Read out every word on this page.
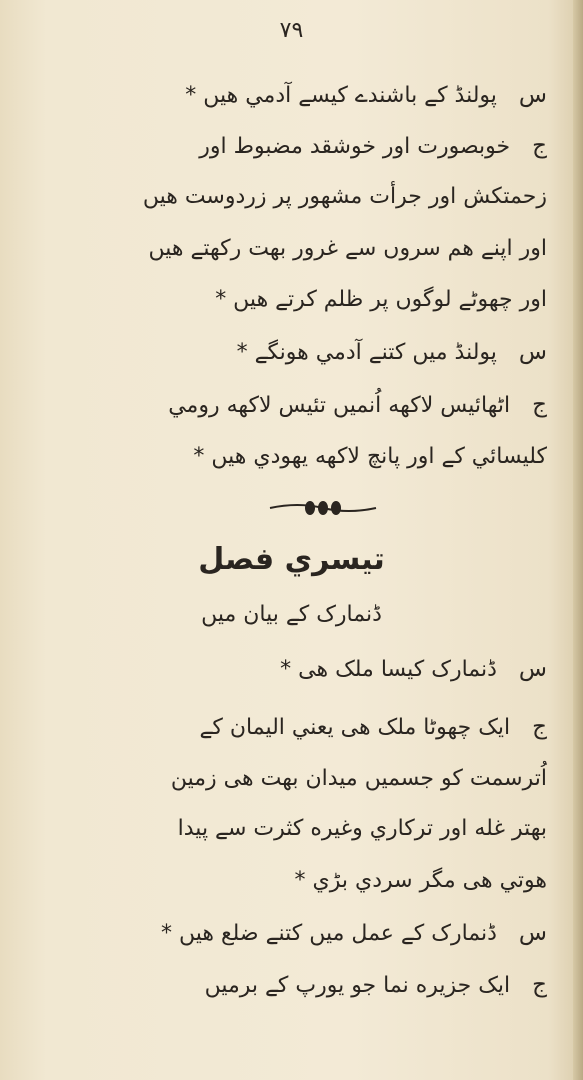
۷۹
سپولنڈ کے باشندے کیسے آدمي هيں *
جخوبصورت اور خوشقد مضبوط اور
زحمتکش اور جرأت مشهور پر زردوست هيں
اور اپنے هم سروں سے غرور بهت رکهتے هيں
اور چهوٹے لوگوں پر ظلم کرتے هيں *
سپولنڈ ميں کتنے آدمي هونگے *
جاٹهائيس لاکهه اُنميں تئيس لاکهه رومي
کليسائي کے اور پانچ لاکهه يهودي هيں *
تيسري فصل
ڈنمارک کے بيان ميں
سڈنمارک کيسا ملک هی *
جايک چهوٹا ملک هی يعني اليمان کے
اُترسمت کو جسميں ميدان بهت هی زمين
بهتر غله اور ترکاري وغيره کثرت سے پيدا
هوتي هی مگر سردي بڑي *
سڈنمارک کے عمل ميں کتنے ضلع هيں *
جايک جزيره نما جو يورپ کے برميں
